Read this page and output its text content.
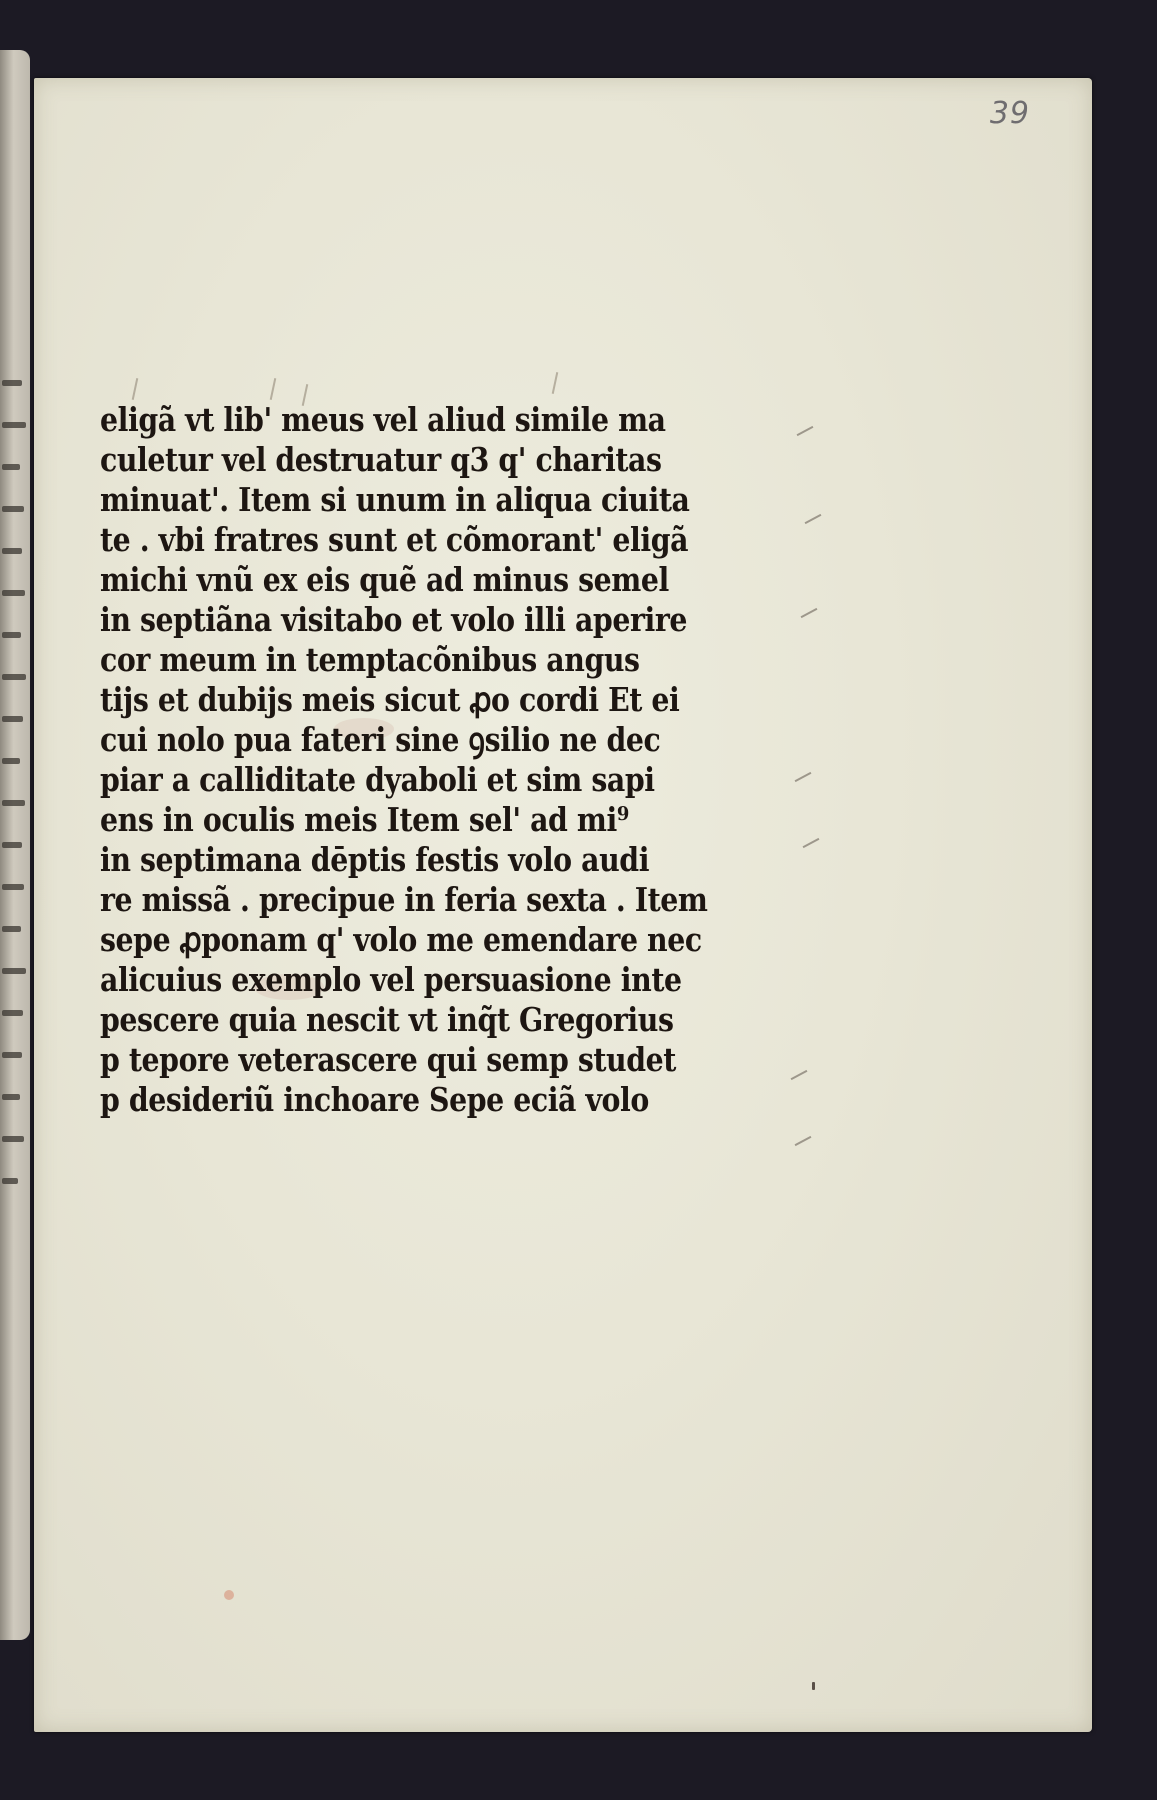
39
eligã vt lib' meus vel aliud simile ma
culetur vel destruatur q3 q' charitas
minuat'. Item si unum in aliqua ciuita
te . vbi fratres sunt et cõmorant' eligã
michi vnũ ex eis quẽ ad minus semel
in septiãna visitabo et volo illi aperire
cor meum in temptacõnibus angus
tijs et dubijs meis sicut ꝓo cordi Et ei
cui nolo pua fateri sine ꝯsilio ne dec
piar a calliditate dyaboli et sim sapi
ens in oculis meis Item sel' ad mi⁹
in septimana dēptis festis volo audi
re missã . precipue in feria sexta . Item
sepe ꝓponam q' volo me emendare nec
alicuius exemplo vel persuasione inte
pescere quia nescit vt inq̃t Gregorius
p tepore veterascere qui semp studet
p desideriũ inchoare Sepe eciã volo
